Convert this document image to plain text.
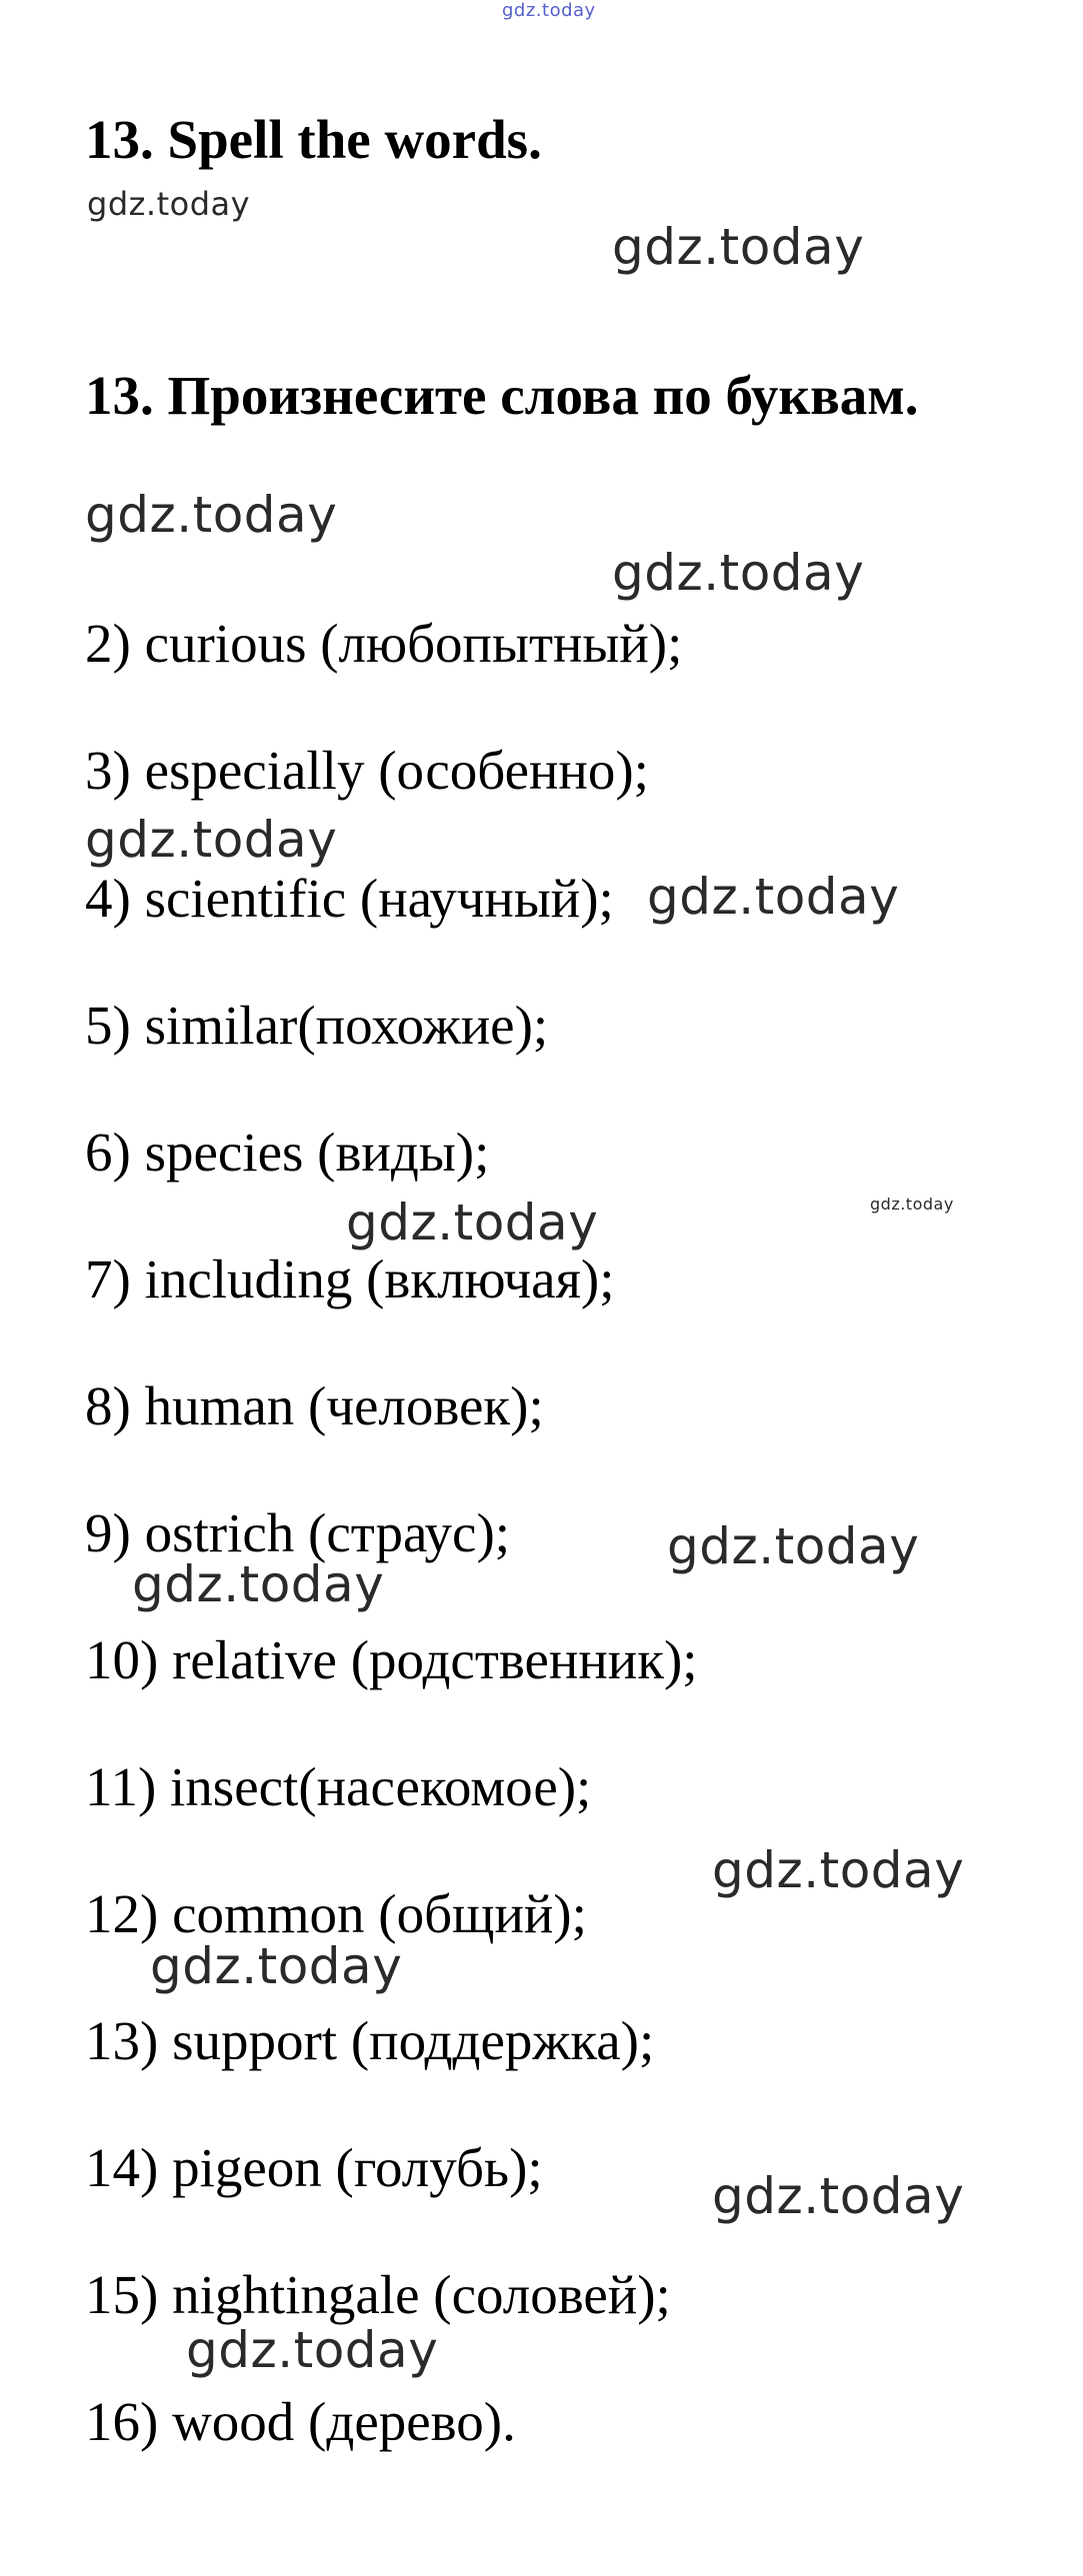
gdz.today
13. Spell the words.
gdz.today
gdz.today
13. Произнесите слова по буквам.
gdz.today
gdz.today

2) curious (любопытный);

3) especially (особенно);

gdz.today

4) scientific (научный); gdz.today

5) similar(похожие);

6) species (виды);

gdz.today
gdz.today

7) including (включая);

8) human (человек);

9) ostrich (страус);	gdz.today
gdz.today

10) relative (родственник);

11) insect(насекомое);

gdz.today

12) common (общий);

gdz.today

13) support (поддержка);

14) pigeon (голубь);	gdz.today

15) nightingale (соловей);

gdz.today

16) wood (дерево).
